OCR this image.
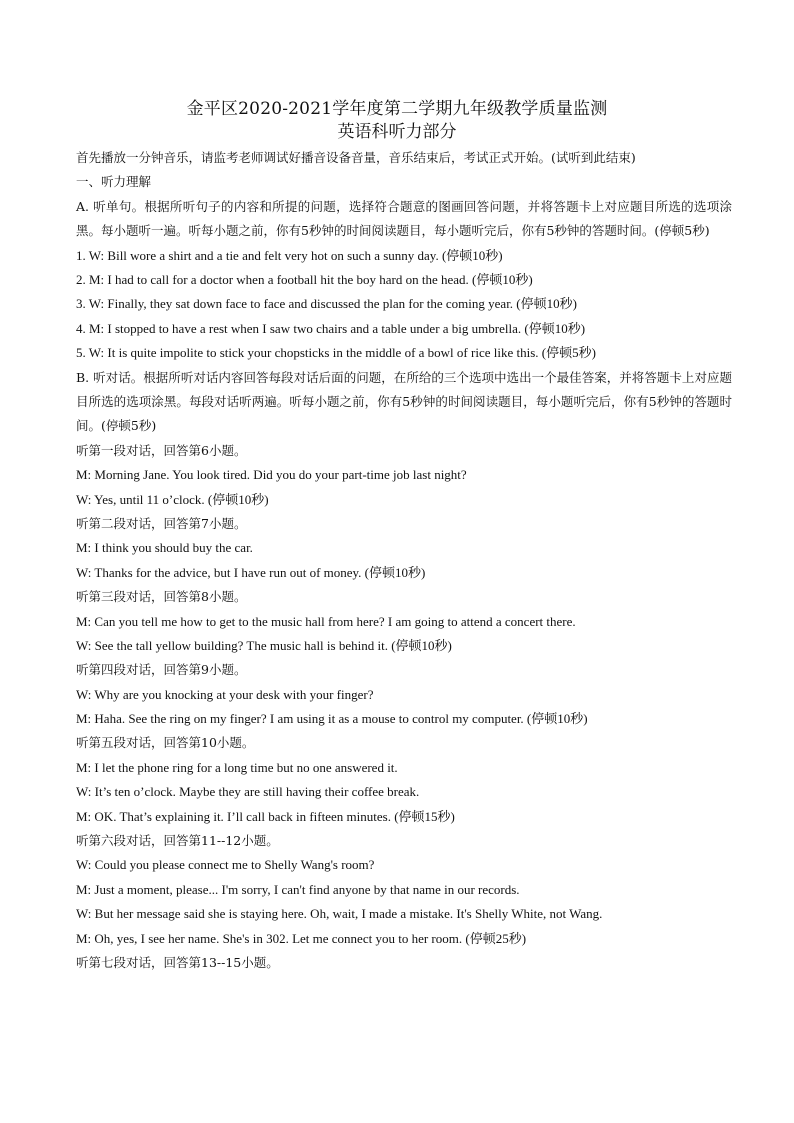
金平区2020-2021学年度第二学期九年级教学质量监测
英语科听力部分
首先播放一分钟音乐，请监考老师调试好播音设备音量，音乐结束后，考试正式开始。(试听到此结束)
一、听力理解
A. 听单句。根据所听句子的内容和所提的问题，选择符合题意的图画回答问题，并将答题卡上对应题目所选的选项涂黑。每小题听一遍。听每小题之前，你有5秒钟的时间阅读题目，每小题听完后，你有5秒钟的答题时间。(停顿5秒)
1. W: Bill wore a shirt and a tie and felt very hot on such a sunny day. (停顿10秒)
2. M: I had to call for a doctor when a football hit the boy hard on the head. (停顿10秒)
3. W: Finally, they sat down face to face and discussed the plan for the coming year. (停顿10秒)
4. M: I stopped to have a rest when I saw two chairs and a table under a big umbrella. (停顿10秒)
5. W: It is quite impolite to stick your chopsticks in the middle of a bowl of rice like this. (停顿5秒)
B. 听对话。根据所听对话内容回答每段对话后面的问题，在所给的三个选项中选出一个最佳答案，并将答题卡上对应题目所选的选项涂黑。每段对话听两遍。听每小题之前，你有5秒钟的时间阅读题目，每小题听完后，你有5秒钟的答题时间。(停顿5秒)
听第一段对话，回答第6小题。
M: Morning Jane. You look tired. Did you do your part-time job last night?
W: Yes, until 11 o’clock. (停顿10秒)
听第二段对话，回答第7小题。
M: I think you should buy the car.
W: Thanks for the advice, but I have run out of money. (停顿10秒)
听第三段对话，回答第8小题。
M: Can you tell me how to get to the music hall from here? I am going to attend a concert there.
W: See the tall yellow building? The music hall is behind it. (停顿10秒)
听第四段对话，回答第9小题。
W: Why are you knocking at your desk with your finger?
M: Haha. See the ring on my finger? I am using it as a mouse to control my computer. (停顿10秒)
听第五段对话，回答第10小题。
M: I let the phone ring for a long time but no one answered it.
W: It’s ten o’clock. Maybe they are still having their coffee break.
M: OK. That’s explaining it. I’ll call back in fifteen minutes. (停顿15秒)
听第六段对话，回答第11--12小题。
W: Could you please connect me to Shelly Wang's room?
M: Just a moment, please... I'm sorry, I can't find anyone by that name in our records.
W: But her message said she is staying here. Oh, wait, I made a mistake. It's Shelly White, not Wang.
M: Oh, yes, I see her name. She's in 302. Let me connect you to her room. (停顿25秒)
听第七段对话，回答第13--15小题。
